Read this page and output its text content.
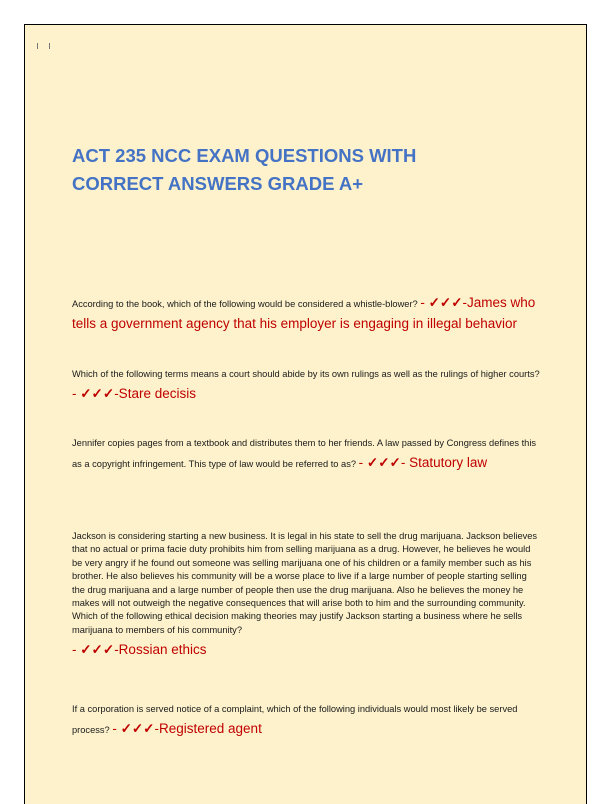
ACT 235 NCC EXAM QUESTIONS WITH CORRECT ANSWERS GRADE A+

According to the book, which of the following would be considered a whistle-blower? - ✓✓✓-James who tells a government agency that his employer is engaging in illegal behavior

Which of the following terms means a court should abide by its own rulings as well as the rulings of higher courts? - ✓✓✓-Stare decisis

Jennifer copies pages from a textbook and distributes them to her friends. A law passed by Congress defines this as a copyright infringement. This type of law would be referred to as? - ✓✓✓- Statutory law

Jackson is considering starting a new business. It is legal in his state to sell the drug marijuana. Jackson believes that no actual or prima facie duty prohibits him from selling marijuana as a drug. However, he believes he would be very angry if he found out someone was selling marijuana one of his children or a family member such as his brother. He also believes his community will be a worse place to live if a large number of people starting selling the drug marijuana and a large number of people then use the drug marijuana. Also he believes the money he makes will not outweigh the negative consequences that will arise both to him and the surrounding community. Which of the following ethical decision making theories may justify Jackson starting a business where he sells marijuana to members of his community?
- ✓✓✓-Rossian ethics

If a corporation is served notice of a complaint, which of the following individuals would most likely be served process? - ✓✓✓-Registered agent
